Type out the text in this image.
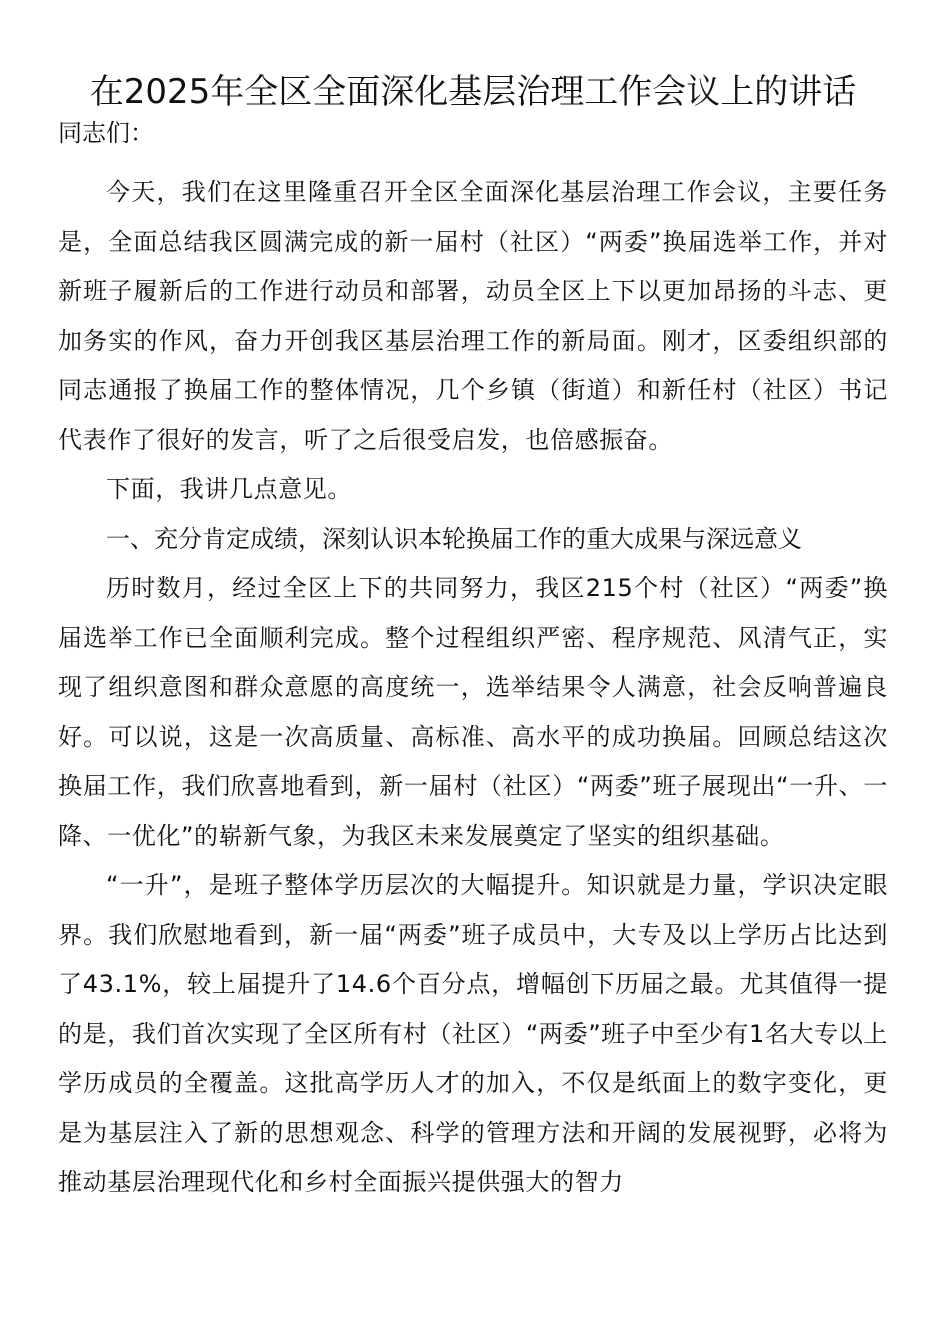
在2025年全区全面深化基层治理工作会议上的讲话

同志们：

今天，我们在这里隆重召开全区全面深化基层治理工作会议，主要任务是，全面总结我区圆满完成的新一届村（社区）“两委”换届选举工作，并对新班子履新后的工作进行动员和部署，动员全区上下以更加昂扬的斗志、更加务实的作风，奋力开创我区基层治理工作的新局面。刚才，区委组织部的同志通报了换届工作的整体情况，几个乡镇（街道）和新任村（社区）书记代表作了很好的发言，听了之后很受启发，也倍感振奋。

下面，我讲几点意见。

一、充分肯定成绩，深刻认识本轮换届工作的重大成果与深远意义

历时数月，经过全区上下的共同努力，我区215个村（社区）“两委”换届选举工作已全面顺利完成。整个过程组织严密、程序规范、风清气正，实现了组织意图和群众意愿的高度统一，选举结果令人满意，社会反响普遍良好。可以说，这是一次高质量、高标准、高水平的成功换届。回顾总结这次换届工作，我们欣喜地看到，新一届村（社区）“两委”班子展现出“一升、一降、一优化”的崭新气象，为我区未来发展奠定了坚实的组织基础。

“一升”，是班子整体学历层次的大幅提升。知识就是力量，学识决定眼界。我们欣慰地看到，新一届“两委”班子成员中，大专及以上学历占比达到了43.1%，较上届提升了14.6个百分点，增幅创下历届之最。尤其值得一提的是，我们首次实现了全区所有村（社区）“两委”班子中至少有1名大专以上学历成员的全覆盖。这批高学历人才的加入，不仅是纸面上的数字变化，更是为基层注入了新的思想观念、科学的管理方法和开阔的发展视野，必将为推动基层治理现代化和乡村全面振兴提供强大的智力
